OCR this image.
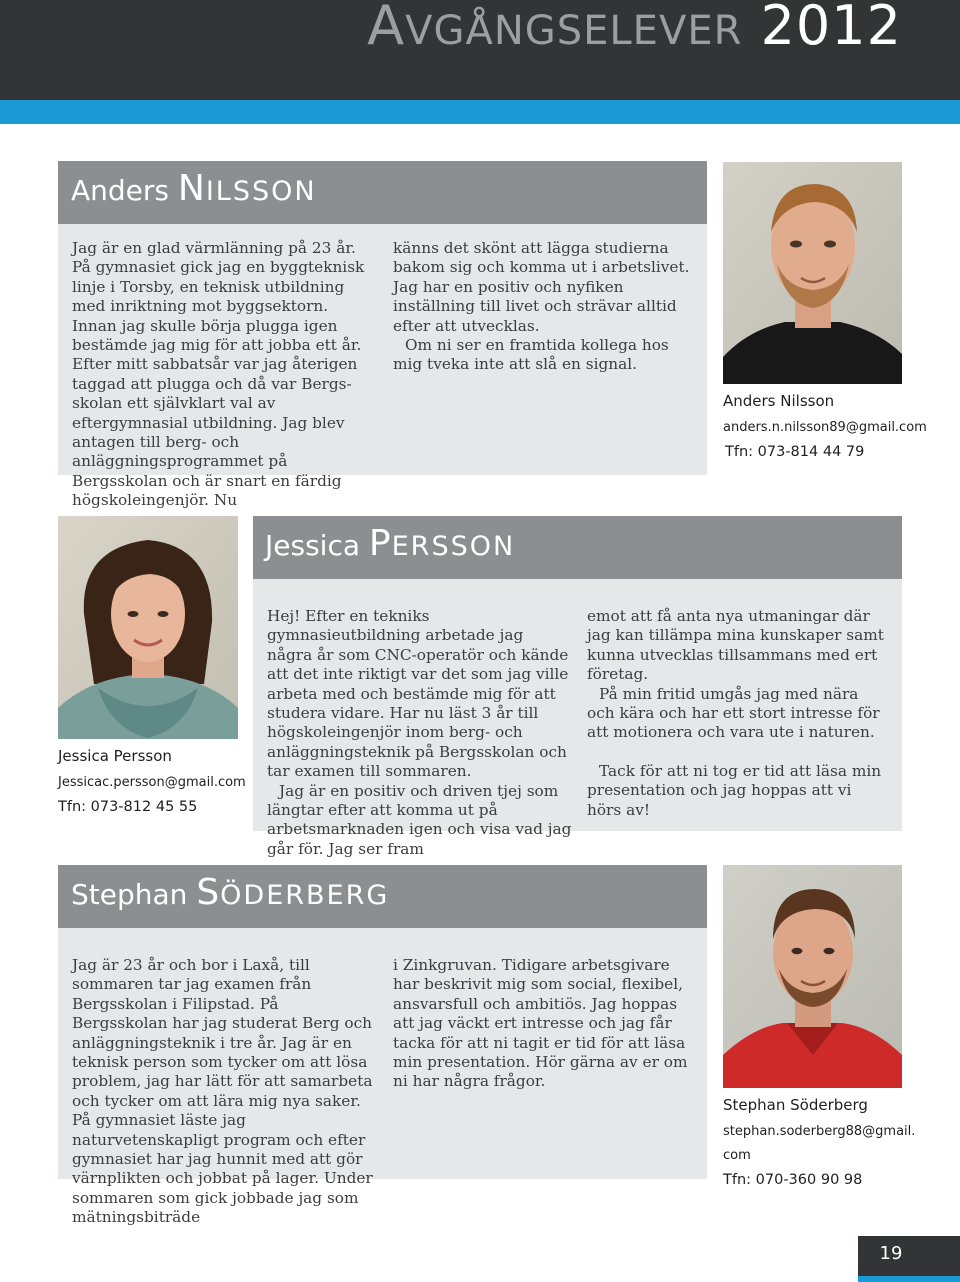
AVGÅNGSELEVER 2012
Anders NILSSON

Jag är en glad värmlänning på 23 år. På gymnasiet gick jag en byggteknisk linje i Torsby, en teknisk utbildning med inriktning mot byggsektorn. Innan jag skulle börja plugga igen bestämde jag mig för att jobba ett år. Efter mitt sabbatsår var jag återigen taggad att plugga och då var Bergsskolan ett självklart val av eftergymnasial utbildning. Jag blev antagen till berg- och anläggningsprogrammet på Bergsskolan och är snart en färdig högskoleingenjör. Nu

känns det skönt att lägga studierna bakom sig och komma ut i arbetslivet. Jag har en positiv och nyfiken inställning till livet och strävar alltid efter att utvecklas.

Om ni ser en framtida kollega hos mig tveka inte att slå en signal.

Anders Nilsson
anders.n.nilsson89@gmail.com
Tfn: 073-814 44 79
Jessica Persson
Jessicac.persson@gmail.com
Tfn: 073-812 45 55
Jessica PERSSON

Hej! Efter en tekniks gymnasieutbildning arbetade jag några år som CNC-operatör och kände att det inte riktigt var det som jag ville arbeta med och bestämde mig för att studera vidare. Har nu läst 3 år till högskoleingenjör inom berg- och anläggningsteknik på Bergsskolan och tar examen till sommaren.

Jag är en positiv och driven tjej som längtar efter att komma ut på arbetsmarknaden igen och visa vad jag går för. Jag ser fram

emot att få anta nya utmaningar där jag kan tillämpa mina kunskaper samt kunna utvecklas tillsammans med ert företag.

På min fritid umgås jag med nära och kära och har ett stort intresse för att motionera och vara ute i naturen.

Tack för att ni tog er tid att läsa min presentation och jag hoppas att vi hörs av!

Stephan SÖDERBERG

Jag är 23 år och bor i Laxå, till sommaren tar jag examen från Bergsskolan i Filipstad. På Bergsskolan har jag studerat Berg och anläggningsteknik i tre år. Jag är en teknisk person som tycker om att lösa problem, jag har lätt för att samarbeta och tycker om att lära mig nya saker. På gymnasiet läste jag naturvetenskapligt program och efter gymnasiet har jag hunnit med att gör värnplikten och jobbat på lager. Under sommaren som gick jobbade jag som mätningsbiträde

i Zinkgruvan. Tidigare arbetsgivare har beskrivit mig som social, flexibel, ansvarsfull och ambitiös. Jag hoppas att jag väckt ert intresse och jag får tacka för att ni tagit er tid för att läsa min presentation. Hör gärna av er om ni har några frågor.

Stephan Söderberg
stephan.soderberg88@gmail.
com
Tfn: 070-360 90 98
19
